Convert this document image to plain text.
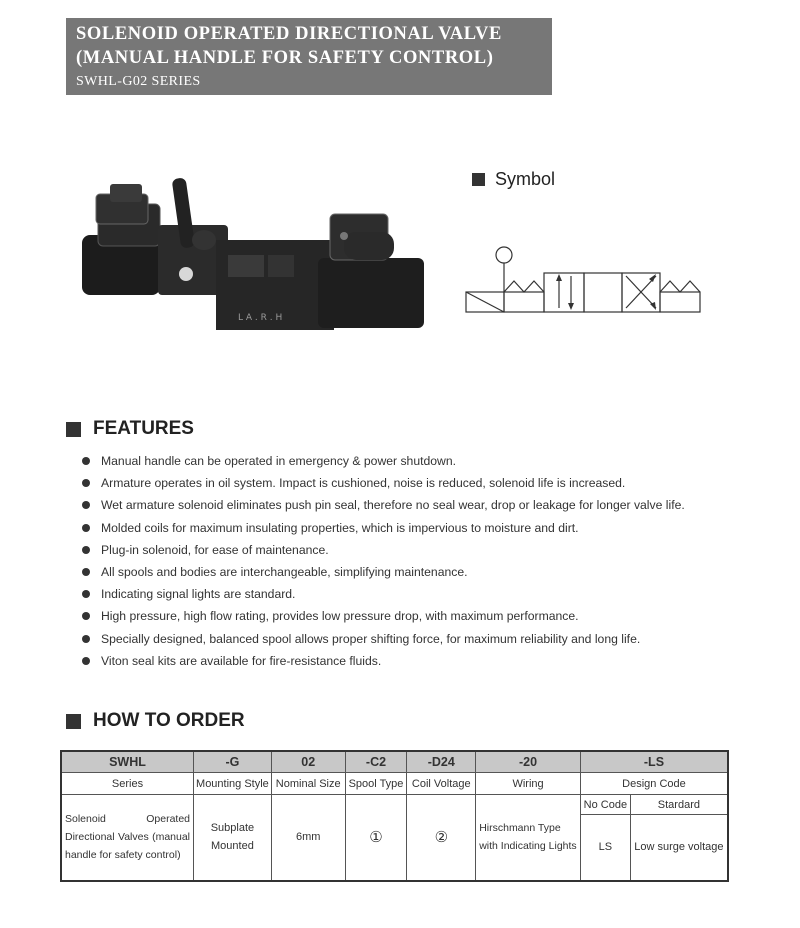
SOLENOID OPERATED DIRECTIONAL VALVE
(MANUAL HANDLE FOR SAFETY CONTROL)
SWHL-G02 SERIES
L A . R . H
Symbol
FEATURES
Manual handle can be operated in emergency & power shutdown.
Armature operates in oil system. Impact is cushioned, noise is reduced, solenoid life is increased.
Wet armature solenoid eliminates push pin seal, therefore no seal wear, drop or leakage for longer valve life.
Molded coils for maximum insulating properties, which is impervious to moisture and dirt.
Plug-in solenoid, for ease of maintenance.
All spools and bodies are interchangeable, simplifying maintenance.
Indicating signal lights are standard.
High pressure, high flow rating, provides low pressure drop, with maximum performance.
Specially designed, balanced spool allows proper shifting force, for maximum reliability and long life.
Viton seal kits are available for fire-resistance fluids.
HOW TO ORDER
SWHL	-G	02	-C2	-D24	-20	-LS	
Series	Mounting Style	Nominal Size	Spool Type	Coil Voltage	Wiring	Design Code	
Solenoid Operated Directional Valves (manual handle for safety control)	Subplate Mounted	6mm	①	②	Hirschmann Type with Indicating Lights	No Code	Stardard
						LS	Low surge voltage
